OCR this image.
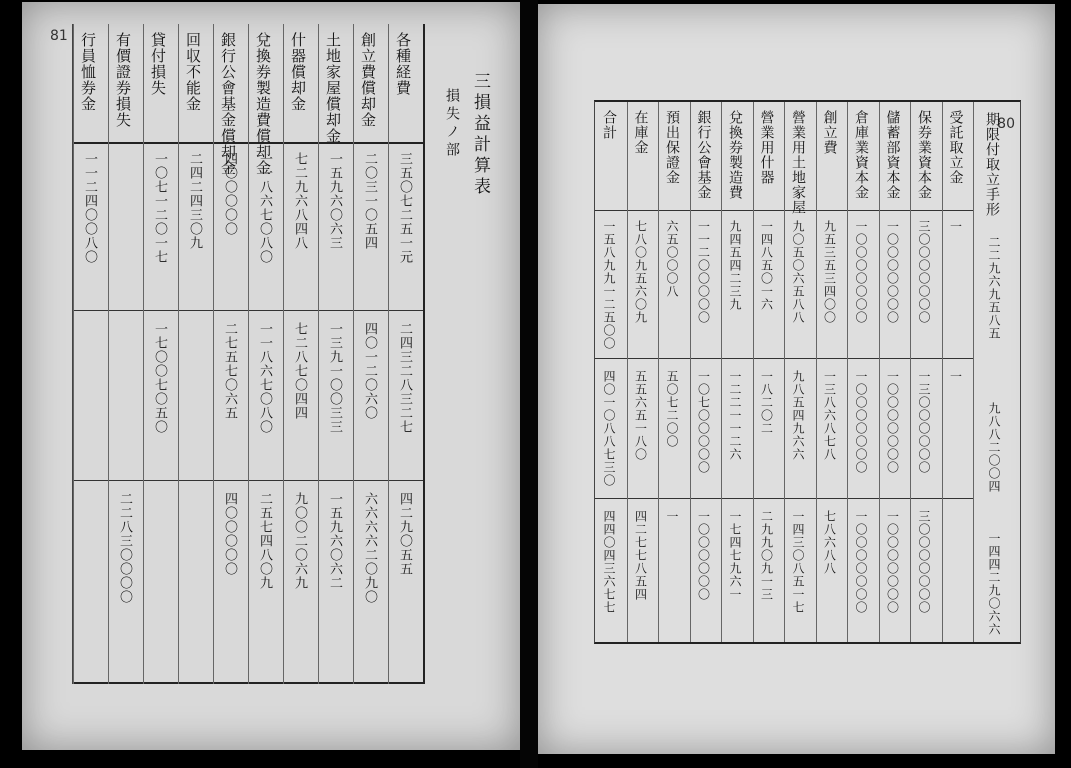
81
三損益計算表
損失ノ部
各種経費
三五〇七二五一元
二四三二八三二七
四二九〇五五
創立費償却金
二〇三一〇五四
四〇一二〇六〇
六六六六二〇九〇
土地家屋償却金
一五九六〇六三
一三九一〇〇三三
一五九六〇六二
什器償却金
七二九六八四八
七二八七〇四四
九〇〇二〇六九
兌換券製造費償却金
一一八六七〇八〇
一一八六七〇八〇
二五七四八〇九
銀行公會基金償却金
四〇〇〇〇〇
二七五七〇六五
四〇〇〇〇〇
回収不能金
二四二四三〇九
貸付損失
一〇七一二〇一七
一七〇〇七〇五〇
有價證券損失
二二八三〇〇〇〇
行員恤券金
一一二四〇〇八〇
80
受託取立金
一
一
保券業資本金
三〇〇〇〇〇〇〇
一三〇〇〇〇〇〇
三〇〇〇〇〇〇〇
儲蓄部資本金
一〇〇〇〇〇〇〇
一〇〇〇〇〇〇〇
一〇〇〇〇〇〇〇
倉庫業資本金
一〇〇〇〇〇〇〇
一〇〇〇〇〇〇〇
一〇〇〇〇〇〇〇
創立費
九五三五三四〇〇
一三八六八七八
七八六八八
營業用土地家屋
九〇五〇六五八八
九八五四九六六
一四三〇八五一七
營業用什器
一四八五〇一六
一八二〇二
二九九〇九一三
兌換券製造費
九四五四二三九
一二二一一二六
一七四七九六一
銀行公會基金
一一二〇〇〇〇〇
一〇七〇〇〇〇〇
一〇〇〇〇〇〇
預出保證金
六五〇〇〇八
五〇七二〇〇
一
在庫金
七八〇九五六〇九
五五六五一八〇
四二七七八五四
合計
一五八九九一二五〇〇
四〇一〇八八七三〇
四四〇四三六七七
期限付取立手形
二二九六九五八五
九八八二〇〇四
一四四二九〇六六
